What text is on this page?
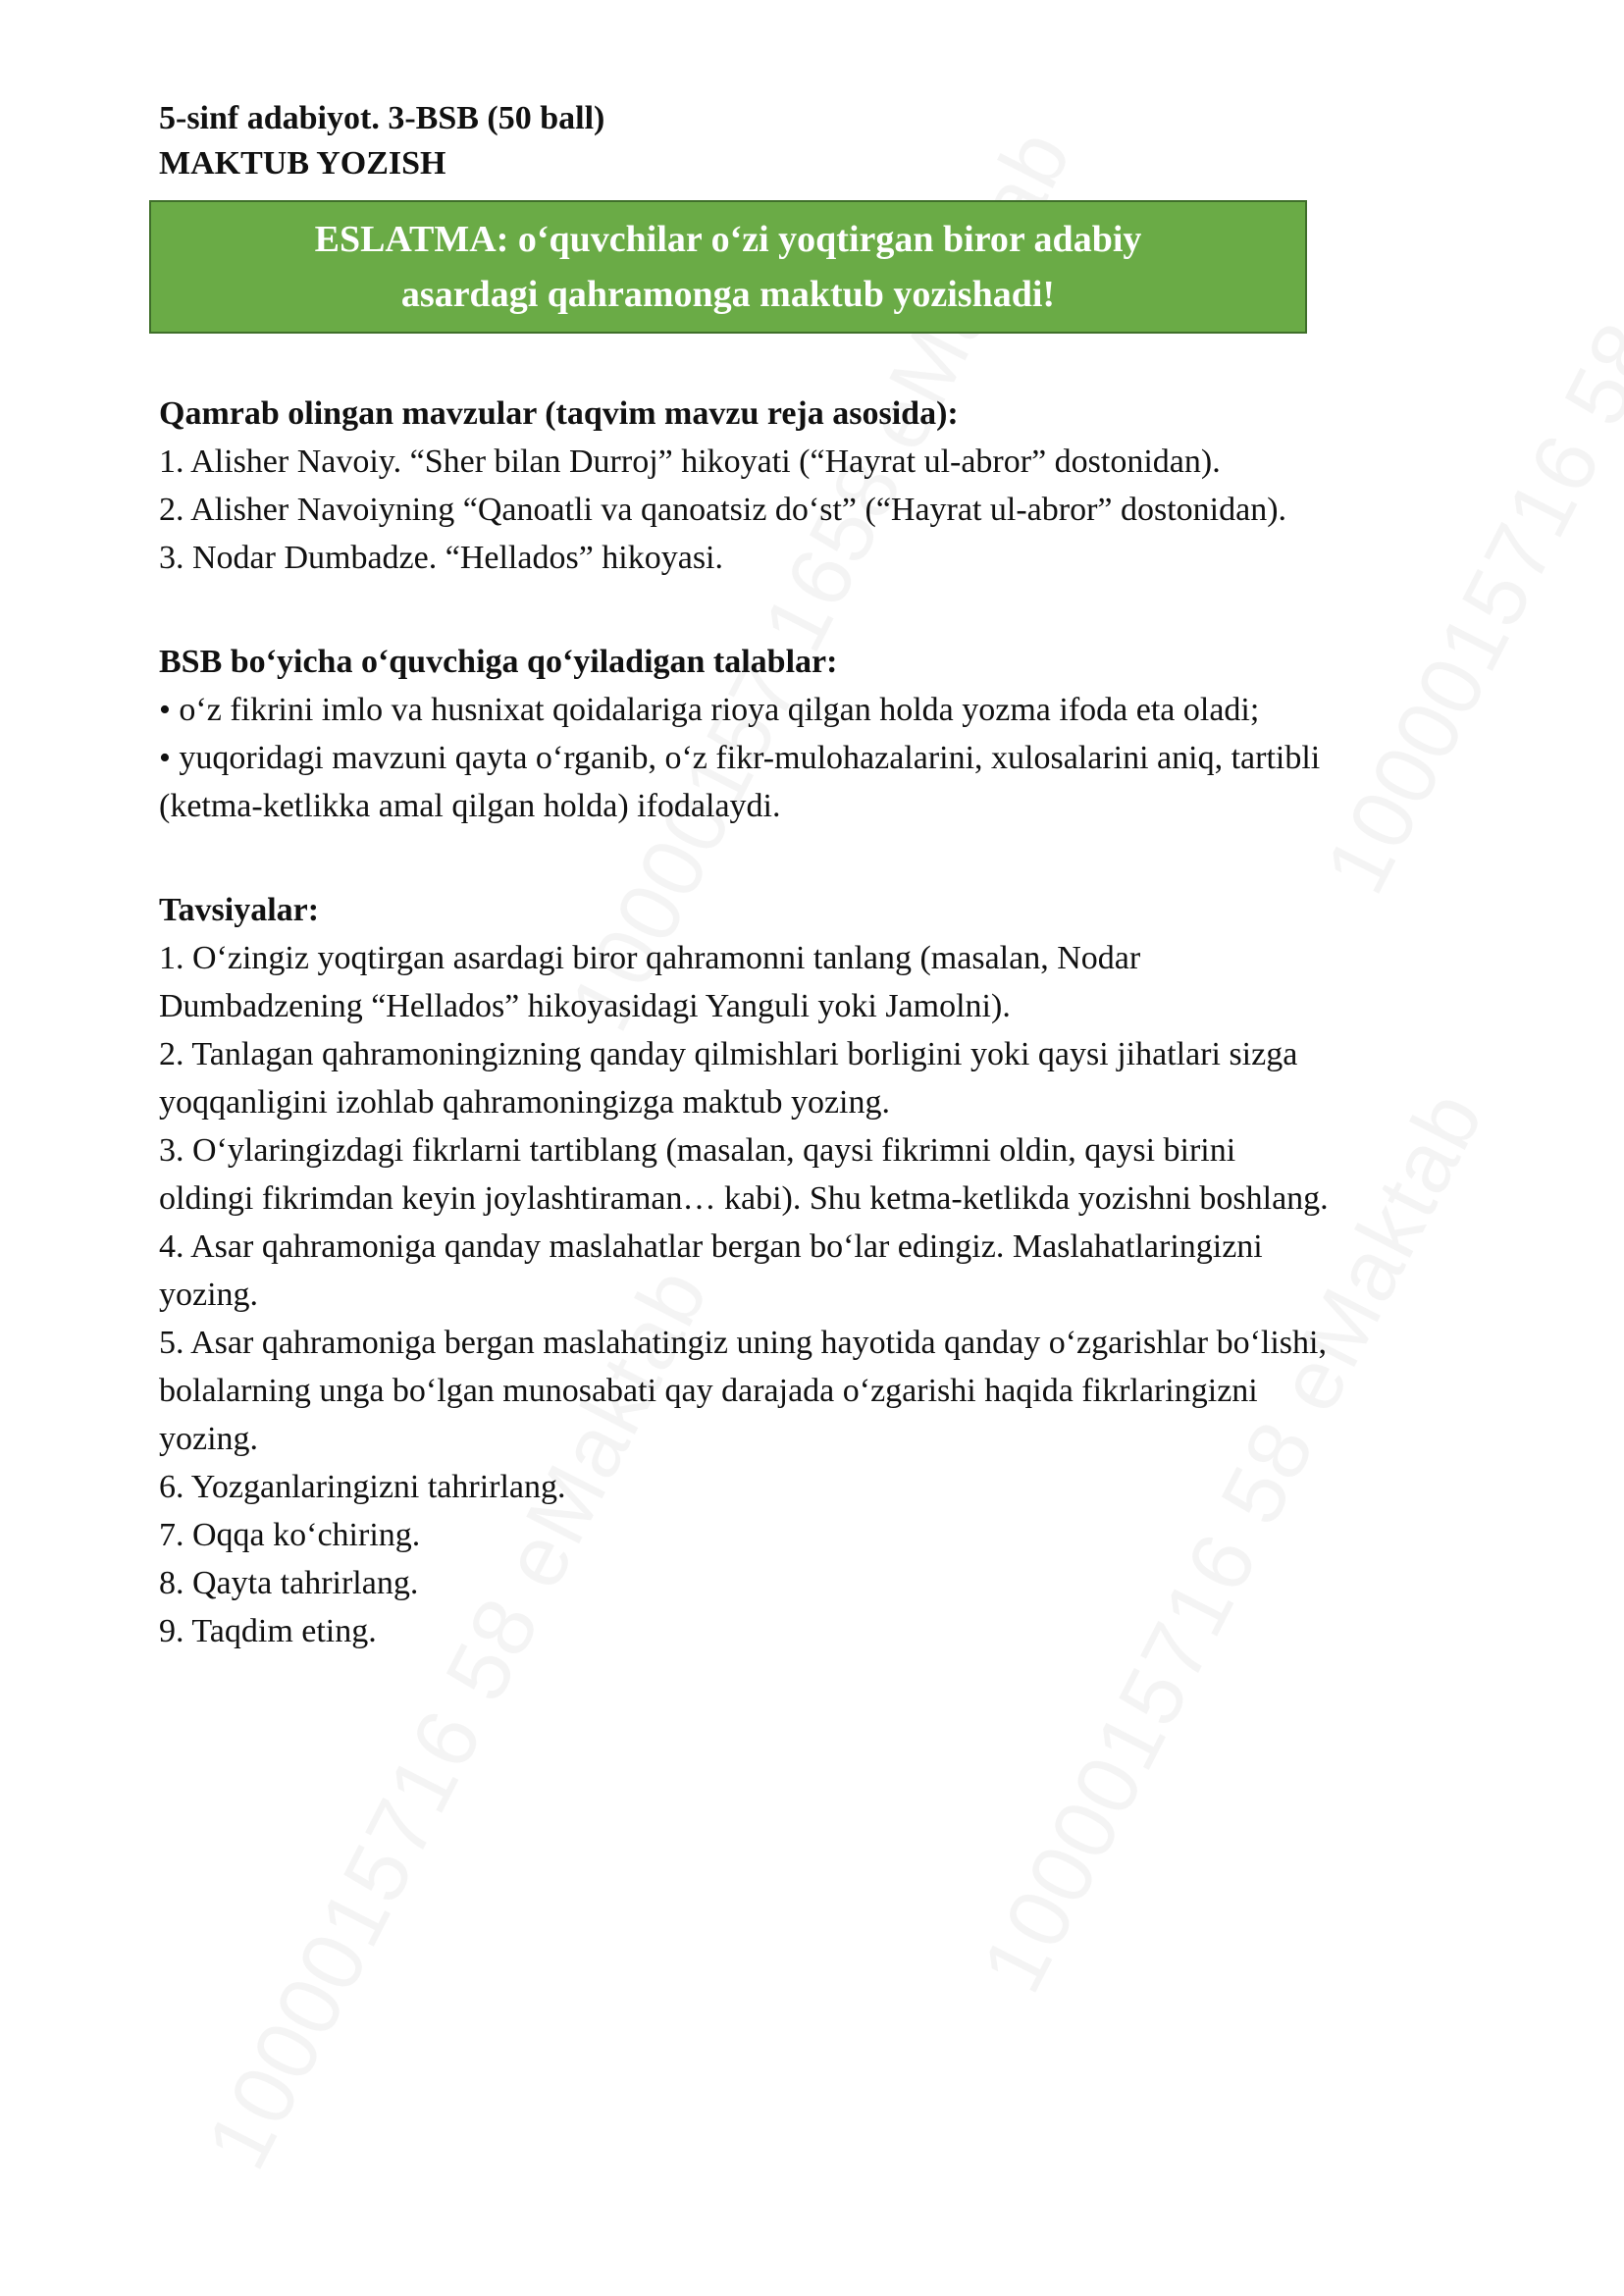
5-sinf adabiyot. 3-BSB (50 ball)

MAKTUB YOZISH

ESLATMA: o‘quvchilar o‘zi yoqtirgan biror adabiy
asardagi qahramonga maktub yozishadi!

Qamrab olingan mavzular (taqvim mavzu reja asosida):

1. Alisher Navoiy. “Sher bilan Durroj” hikoyati (“Hayrat ul-abror” dostonidan).
2. Alisher Navoiyning “Qanoatli va qanoatsiz do‘st” (“Hayrat ul-abror” dostonidan).
3. Nodar Dumbadze. “Hellados” hikoyasi.

BSB bo‘yicha o‘quvchiga qo‘yiladigan talablar:

• o‘z fikrini imlo va husnixat qoidalariga rioya qilgan holda yozma ifoda eta oladi;
• yuqoridagi mavzuni qayta o‘rganib, o‘z fikr-mulohazalarini, xulosalarini aniq, tartibli
(ketma-ketlikka amal qilgan holda) ifodalaydi.

Tavsiyalar:

1. O‘zingiz yoqtirgan asardagi biror qahramonni tanlang (masalan, Nodar
Dumbadzening “Hellados” hikoyasidagi Yanguli yoki Jamolni).
2. Tanlagan qahramoningizning qanday qilmishlari borligini yoki qaysi jihatlari sizga
yoqqanligini izohlab qahramoningizga maktub yozing.
3. O‘ylaringizdagi fikrlarni tartiblang (masalan, qaysi fikrimni oldin, qaysi birini
oldingi fikrimdan keyin joylashtiraman… kabi). Shu ketma-ketlikda yozishni boshlang.
4. Asar qahramoniga qanday maslahatlar bergan bo‘lar edingiz. Maslahatlaringizni
yozing.
5. Asar qahramoniga bergan maslahatingiz uning hayotida qanday o‘zgarishlar bo‘lishi,
bolalarning unga bo‘lgan munosabati qay darajada o‘zgarishi haqida fikrlaringizni
yozing.
6. Yozganlaringizni tahrirlang.
7. Oqqa ko‘chiring.
8. Qayta tahrirlang.
9. Taqdim eting.
